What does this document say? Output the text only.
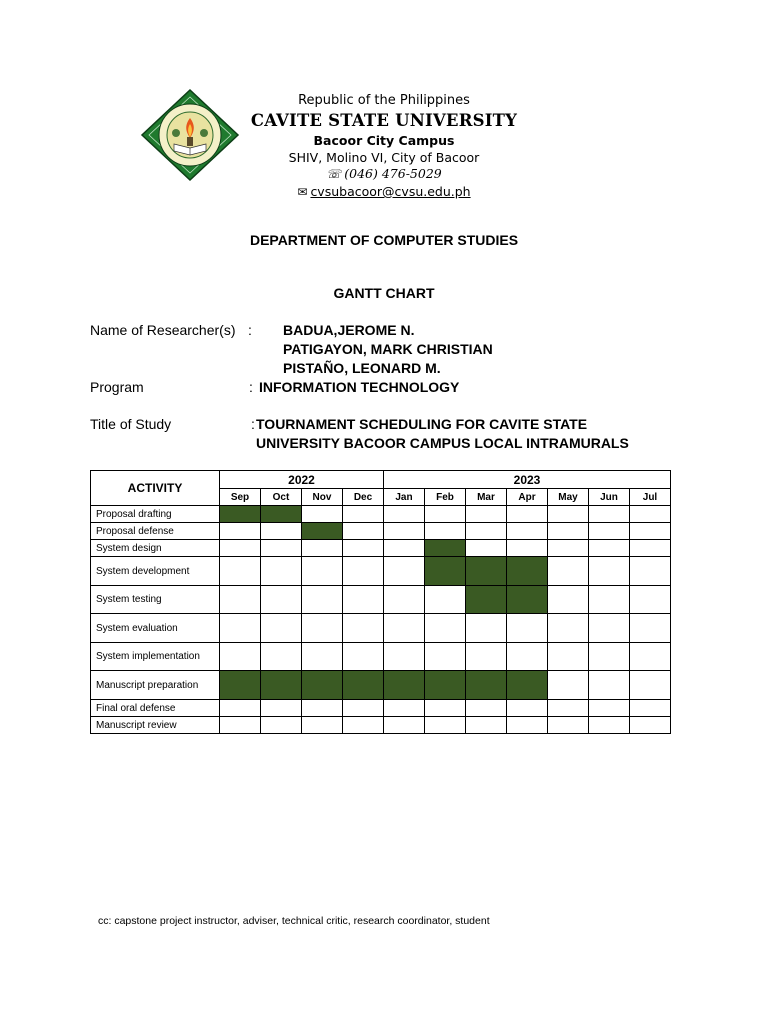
Republic of the Philippines
CAVITE STATE UNIVERSITY
Bacoor City Campus
SHIV, Molino VI, City of Bacoor
☏ (046) 476-5029
✉ cvsubacoor@cvsu.edu.ph
DEPARTMENT OF COMPUTER STUDIES
GANTT CHART
Name of Researcher(s) : BADUA,JEROME N.
PATIGAYON, MARK CHRISTIAN
PISTAÑO, LEONARD M.
Program	: INFORMATION TECHNOLOGY
Title of Study	: TOURNAMENT SCHEDULING FOR CAVITE STATE
UNIVERSITY BACOOR CAMPUS LOCAL INTRAMURALS
ACTIVITY	2022				2023						
	Sep	Oct	Nov	Dec	Jan	Feb	Mar	Apr	May	Jun	Jul
Proposal drafting											
Proposal defense											
System design											
System development											
System testing											
System evaluation											
System implementation											
Manuscript preparation											
Final oral defense											
Manuscript review											
cc: capstone project instructor, adviser, technical critic, research coordinator, student
